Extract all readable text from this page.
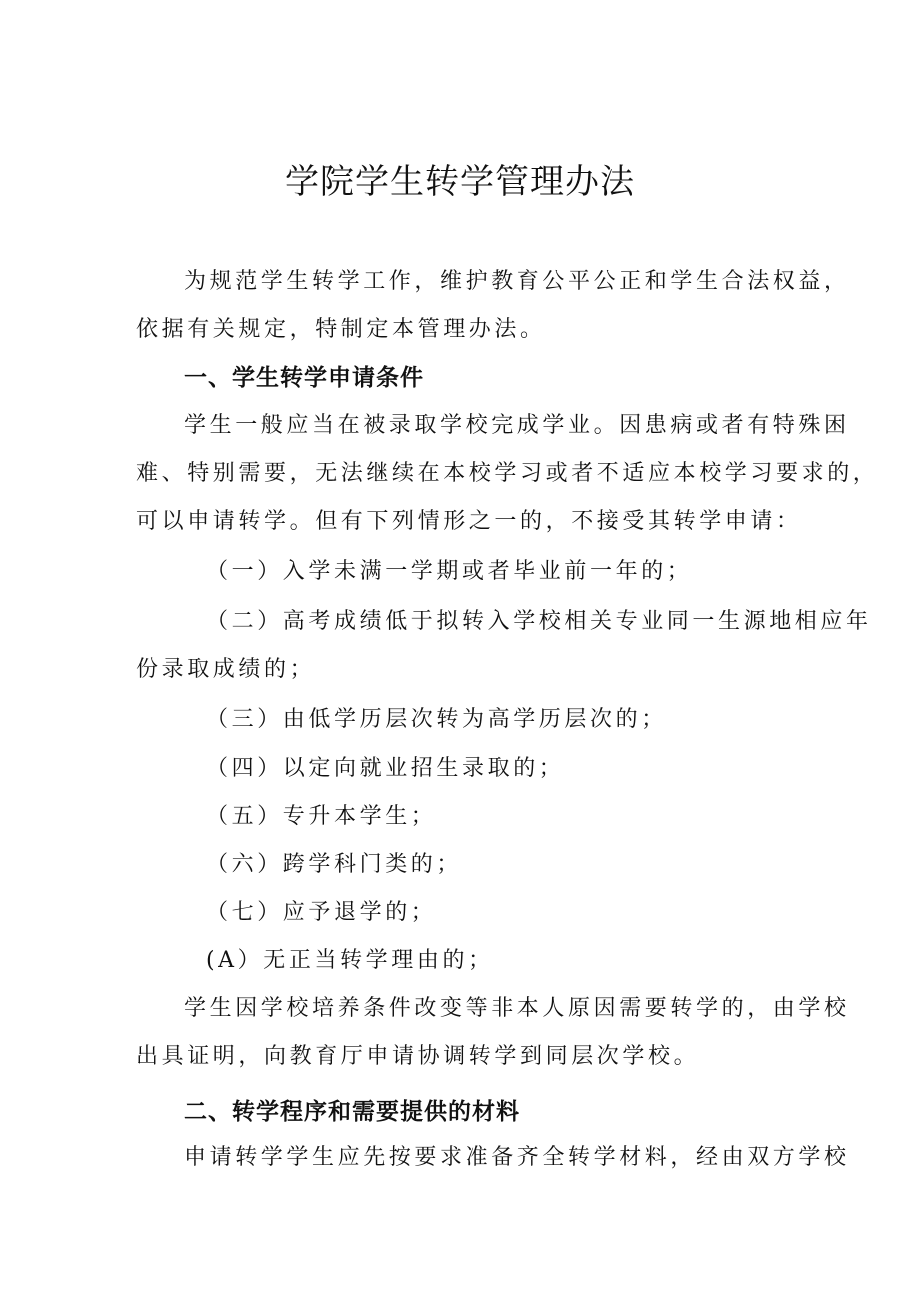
学院学生转学管理办法

为规范学生转学工作，维护教育公平公正和学生合法权益，

依据有关规定，特制定本管理办法。

一、学生转学申请条件

学生一般应当在被录取学校完成学业。因患病或者有特殊困

难、特别需要，无法继续在本校学习或者不适应本校学习要求的，

可以申请转学。但有下列情形之一的，不接受其转学申请：

（一）入学未满一学期或者毕业前一年的；

（二）高考成绩低于拟转入学校相关专业同一生源地相应年

份录取成绩的；

（三）由低学历层次转为高学历层次的；

（四）以定向就业招生录取的；

（五）专升本学生；

（六）跨学科门类的；

（七）应予退学的；

(A）无正当转学理由的；

学生因学校培养条件改变等非本人原因需要转学的，由学校

出具证明，向教育厅申请协调转学到同层次学校。

二、转学程序和需要提供的材料

申请转学学生应先按要求准备齐全转学材料，经由双方学校
